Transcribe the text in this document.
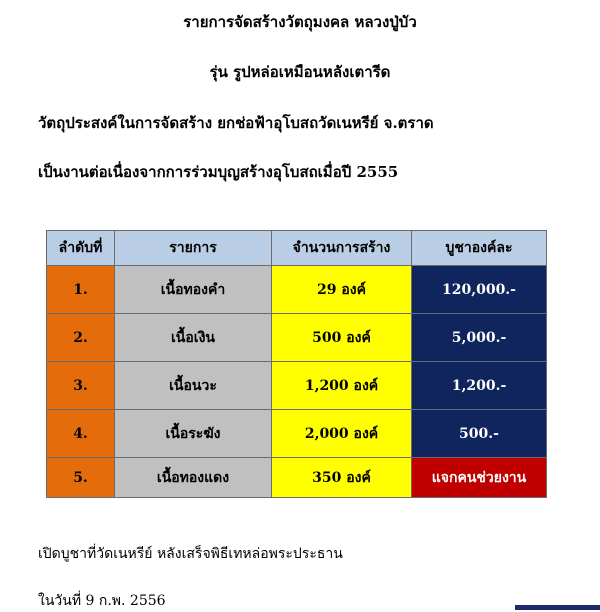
รายการจัดสร้างวัตถุมงคล หลวงปู่บัว
รุ่น รูปหล่อเหมือนหลังเตารีด
วัตถุประสงค์ในการจัดสร้าง ยกช่อฟ้าอุโบสถวัดเนหรีย์ จ.ตราด
เป็นงานต่อเนื่องจากการร่วมบุญสร้างอุโบสถเมื่อปี 2555
ลำดับที่	รายการ	จำนวนการสร้าง	บูชาองค์ละ
1.	เนื้อทองคำ	29 องค์	120,000.-
2.	เนื้อเงิน	500 องค์	5,000.-
3.	เนื้อนวะ	1,200 องค์	1,200.-
4.	เนื้อระฆัง	2,000 องค์	500.-
5.	เนื้อทองแดง	350 องค์	แจกคนช่วยงาน
เปิดบูชาที่วัดเนหรีย์ หลังเสร็จพิธีเทหล่อพระประธาน
ในวันที่ 9 ก.พ. 2556
